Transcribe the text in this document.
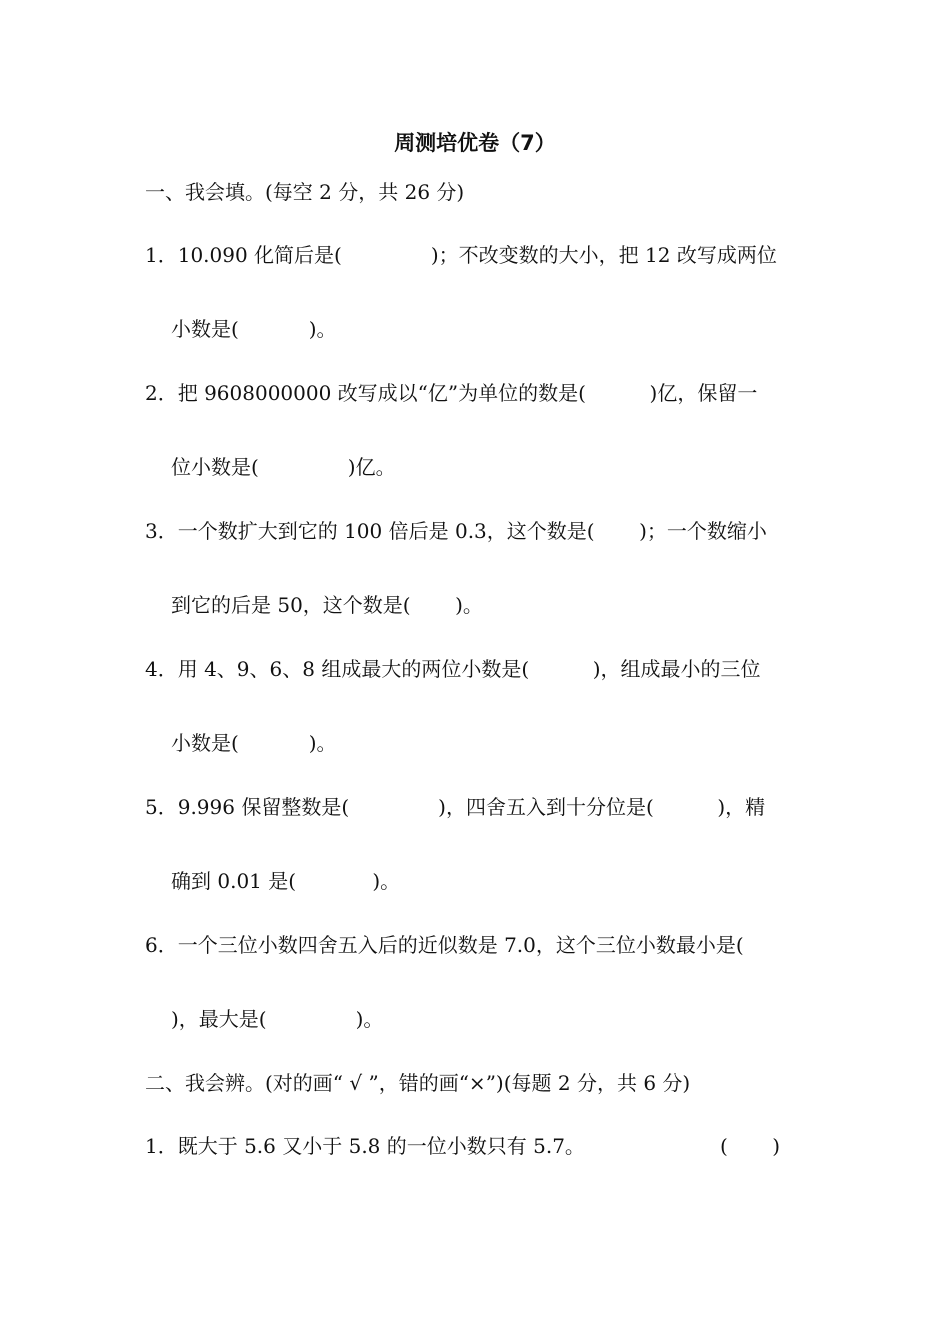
周测培优卷（7）
一、我会填。(每空 2 分，共 26 分)
1．10.090 化简后是(              )；不改变数的大小，把 12 改写成两位
小数是(           )。
2．把 9608000000 改写成以“亿”为单位的数是(          )亿，保留一
位小数是(              )亿。
3．一个数扩大到它的 100 倍后是 0.3，这个数是(       )；一个数缩小
到它的后是 50，这个数是(       )。
4．用 4、9、6、8 组成最大的两位小数是(          )，组成最小的三位
小数是(           )。
5．9.996 保留整数是(              )，四舍五入到十分位是(          )，精
确到 0.01 是(            )。
6．一个三位小数四舍五入后的近似数是 7.0，这个三位小数最小是(
)，最大是(              )。
二、我会辨。(对的画“ √ ”，错的画“×”)(每题 2 分，共 6 分)
1．既大于 5.6 又小于 5.8 的一位小数只有 5.7。	(       )
